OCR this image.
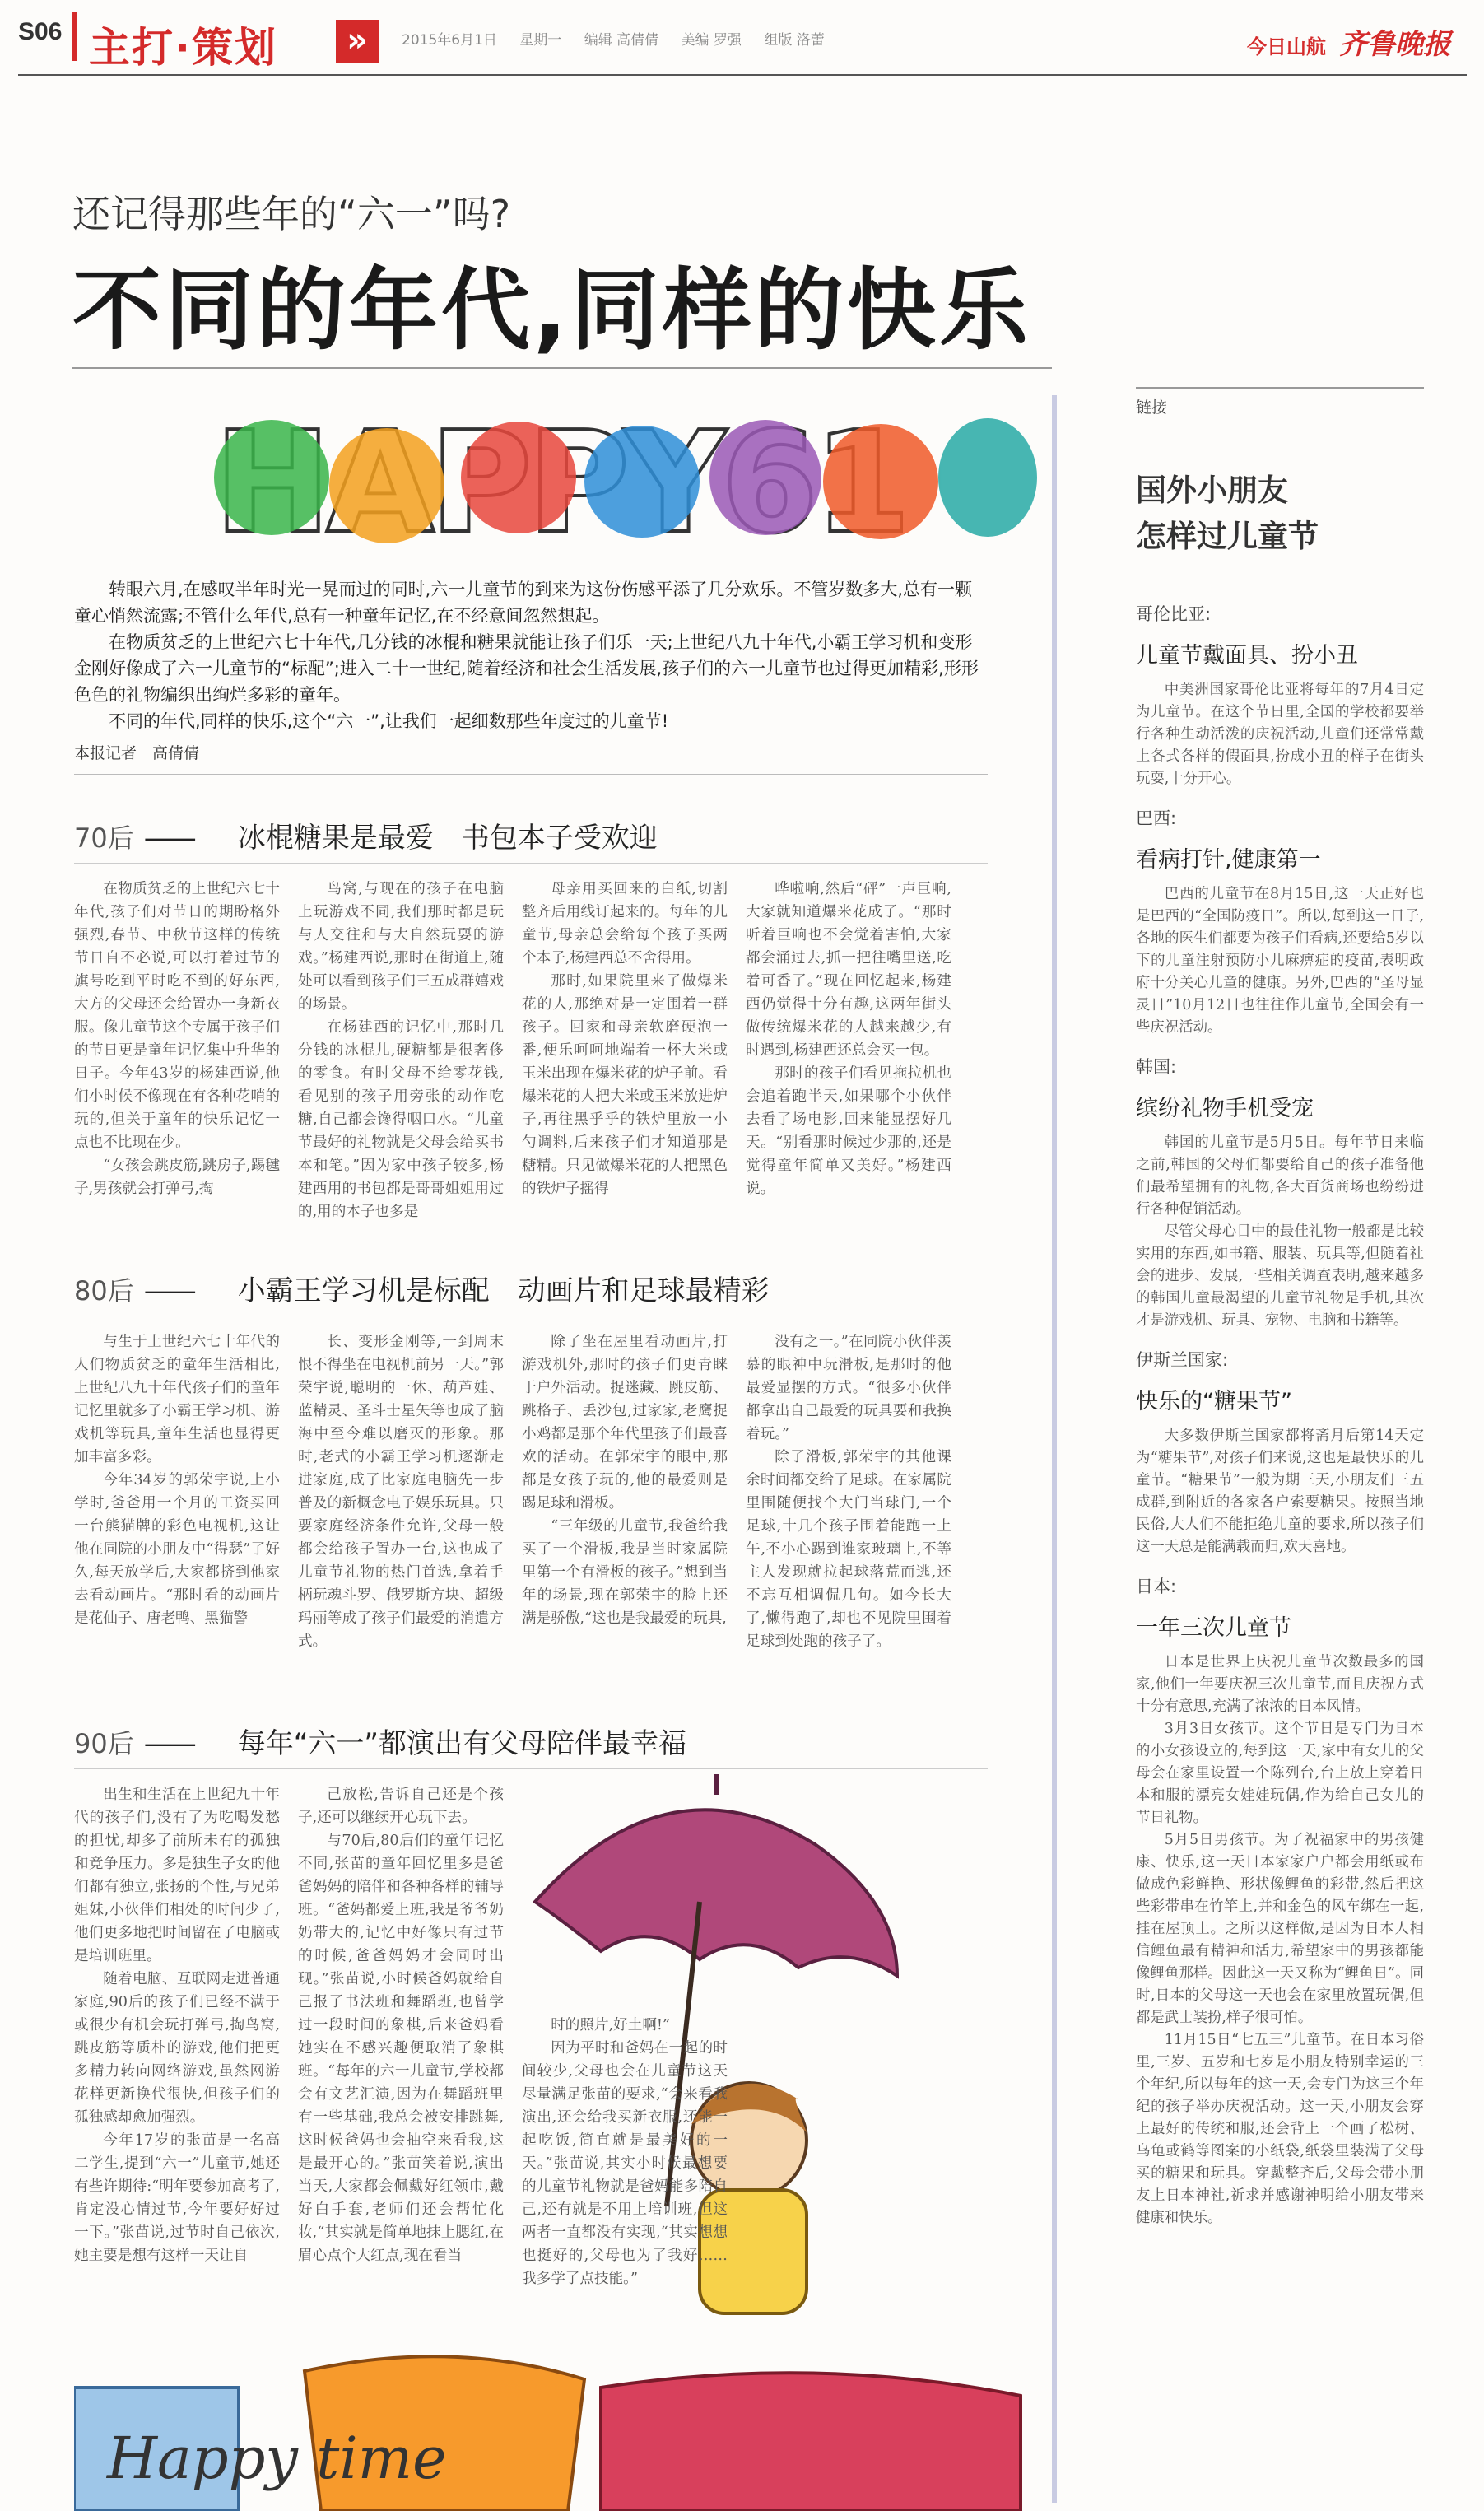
S06 主打·策划	»	2015年6月1日 星期一 编辑 高倩倩 美编 罗强 组版 洛蕾	今日山航 齐鲁晚报
还记得那些年的“六一”吗?
不同的年代,同样的快乐

转眼六月,在感叹半年时光一晃而过的同时,六一儿童节的到来为这份伤感平添了几分欢乐。不管岁数多大,总有一颗童心悄然流露;不管什么年代,总有一种童年记忆,在不经意间忽然想起。

在物质贫乏的上世纪六七十年代,几分钱的冰棍和糖果就能让孩子们乐一天;上世纪八九十年代,小霸王学习机和变形金刚好像成了六一儿童节的“标配”;进入二十一世纪,随着经济和社会生活发展,孩子们的六一儿童节也过得更加精彩,形形色色的礼物编织出绚烂多彩的童年。

不同的年代,同样的快乐,这个“六一”,让我们一起细数那些年度过的儿童节!

本报记者　高倩倩
70后 —— 冰棍糖果是最爱　书包本子受欢迎

在物质贫乏的上世纪六七十年代,孩子们对节日的期盼格外强烈,春节、中秋节这样的传统节日自不必说,可以打着过节的旗号吃到平时吃不到的好东西,大方的父母还会给置办一身新衣服。像儿童节这个专属于孩子们的节日更是童年记忆集中升华的日子。今年43岁的杨建西说,他们小时候不像现在有各种花哨的玩的,但关于童年的快乐记忆一点也不比现在少。

“女孩会跳皮筋,跳房子,踢毽子,男孩就会打弹弓,掏

鸟窝,与现在的孩子在电脑上玩游戏不同,我们那时都是玩与人交往和与大自然玩耍的游戏。”杨建西说,那时在街道上,随处可以看到孩子们三五成群嬉戏的场景。

在杨建西的记忆中,那时几分钱的冰棍儿,硬糖都是很奢侈的零食。有时父母不给零花钱,看见别的孩子用旁张的动作吃糖,自己都会馋得咽口水。“儿童节最好的礼物就是父母会给买书本和笔。”因为家中孩子较多,杨建西用的书包都是哥哥姐姐用过的,用的本子也多是

母亲用买回来的白纸,切割整齐后用线订起来的。每年的儿童节,母亲总会给每个孩子买两个本子,杨建西总不舍得用。

那时,如果院里来了做爆米花的人,那绝对是一定围着一群孩子。回家和母亲软磨硬泡一番,便乐呵呵地端着一杯大米或玉米出现在爆米花的炉子前。看爆米花的人把大米或玉米放进炉子,再往黑乎乎的铁炉里放一小勺调料,后来孩子们才知道那是糖精。只见做爆米花的人把黑色的铁炉子摇得

哗啦响,然后“砰”一声巨响,大家就知道爆米花成了。“那时听着巨响也不会觉着害怕,大家都会涌过去,抓一把往嘴里送,吃着可香了。”现在回忆起来,杨建西仍觉得十分有趣,这两年街头做传统爆米花的人越来越少,有时遇到,杨建西还总会买一包。

那时的孩子们看见拖拉机也会追着跑半天,如果哪个小伙伴去看了场电影,回来能显摆好几天。“别看那时候过少那的,还是觉得童年简单又美好。”杨建西说。

80后 —— 小霸王学习机是标配　动画片和足球最精彩

与生于上世纪六七十年代的人们物质贫乏的童年生活相比,上世纪八九十年代孩子们的童年记忆里就多了小霸王学习机、游戏机等玩具,童年生活也显得更加丰富多彩。

今年34岁的郭荣宇说,上小学时,爸爸用一个月的工资买回一台熊猫牌的彩色电视机,这让他在同院的小朋友中“得瑟”了好久,每天放学后,大家都挤到他家去看动画片。“那时看的动画片是花仙子、唐老鸭、黑猫警

长、变形金刚等,一到周末恨不得坐在电视机前另一天。”郭荣宇说,聪明的一休、葫芦娃、蓝精灵、圣斗士星矢等也成了脑海中至今难以磨灭的形象。那时,老式的小霸王学习机逐渐走进家庭,成了比家庭电脑先一步普及的新概念电子娱乐玩具。只要家庭经济条件允许,父母一般都会给孩子置办一台,这也成了儿童节礼物的热门首选,拿着手柄玩魂斗罗、俄罗斯方块、超级玛丽等成了孩子们最爱的消遣方式。

除了坐在屋里看动画片,打游戏机外,那时的孩子们更青睐于户外活动。捉迷藏、跳皮筋、跳格子、丢沙包,过家家,老鹰捉小鸡都是那个年代里孩子们最喜欢的活动。在郭荣宇的眼中,那都是女孩子玩的,他的最爱则是踢足球和滑板。

“三年级的儿童节,我爸给我买了一个滑板,我是当时家属院里第一个有滑板的孩子。”想到当年的场景,现在郭荣宇的脸上还满是骄傲,“这也是我最爱的玩具,

没有之一。”在同院小伙伴羡慕的眼神中玩滑板,是那时的他最爱显摆的方式。“很多小伙伴都拿出自己最爱的玩具要和我换着玩。”

除了滑板,郭荣宇的其他课余时间都交给了足球。在家属院里围随便找个大门当球门,一个足球,十几个孩子围着能跑一上午,不小心踢到谁家玻璃上,不等主人发现就拉起球落荒而逃,还不忘互相调侃几句。如今长大了,懒得跑了,却也不见院里围着足球到处跑的孩子了。

90后 —— 每年“六一”都演出有父母陪伴最幸福
Happy time

出生和生活在上世纪九十年代的孩子们,没有了为吃喝发愁的担忧,却多了前所未有的孤独和竞争压力。多是独生子女的他们都有独立,张扬的个性,与兄弟姐妹,小伙伴们相处的时间少了,他们更多地把时间留在了电脑或是培训班里。

随着电脑、互联网走进普通家庭,90后的孩子们已经不满于或很少有机会玩打弹弓,掏鸟窝,跳皮筋等质朴的游戏,他们把更多精力转向网络游戏,虽然网游花样更新换代很快,但孩子们的孤独感却愈加强烈。

今年17岁的张苗是一名高二学生,提到“六一”儿童节,她还有些许期待:“明年要参加高考了,肯定没心情过节,今年要好好过一下。”张苗说,过节时自己依次,她主要是想有这样一天让自

己放松,告诉自己还是个孩子,还可以继续开心玩下去。

与70后,80后们的童年记忆不同,张苗的童年回忆里多是爸爸妈妈的陪伴和各种各样的辅导班。“爸妈都爱上班,我是爷爷奶奶带大的,记忆中好像只有过节的时候,爸爸妈妈才会同时出现。”张苗说,小时候爸妈就给自己报了书法班和舞蹈班,也曾学过一段时间的象棋,后来爸妈看她实在不感兴趣便取消了象棋班。“每年的六一儿童节,学校都会有文艺汇演,因为在舞蹈班里有一些基础,我总会被安排跳舞,这时候爸妈也会抽空来看我,这是最开心的。”张苗笑着说,演出当天,大家都会佩戴好红领巾,戴好白手套,老师们还会帮忙化妆,“其实就是简单地抹上腮红,在眉心点个大红点,现在看当

时的照片,好土啊!”

因为平时和爸妈在一起的时间较少,父母也会在儿童节这天尽量满足张苗的要求,“会来看我演出,还会给我买新衣服,还能一起吃饭,简直就是最美好的一天。”张苗说,其实小时候最想要的儿童节礼物就是爸妈能多陪自己,还有就是不用上培训班,但这两者一直都没有实现,“其实想想也挺好的,父母也为了我好……我多学了点技能。”

链接
国外小朋友
怎样过儿童节
哥伦比亚:
儿童节戴面具、扮小丑

中美洲国家哥伦比亚将每年的7月4日定为儿童节。在这个节日里,全国的学校都要举行各种生动活泼的庆祝活动,儿童们还常常戴上各式各样的假面具,扮成小丑的样子在街头玩耍,十分开心。

巴西:
看病打针,健康第一

巴西的儿童节在8月15日,这一天正好也是巴西的“全国防疫日”。所以,每到这一日子,各地的医生们都要为孩子们看病,还要给5岁以下的儿童注射预防小儿麻痹症的疫苗,表明政府十分关心儿童的健康。另外,巴西的“圣母显灵日”10月12日也往往作儿童节,全国会有一些庆祝活动。

韩国:
缤纷礼物手机受宠

韩国的儿童节是5月5日。每年节日来临之前,韩国的父母们都要给自己的孩子准备他们最希望拥有的礼物,各大百货商场也纷纷进行各种促销活动。

尽管父母心目中的最佳礼物一般都是比较实用的东西,如书籍、服装、玩具等,但随着社会的进步、发展,一些相关调查表明,越来越多的韩国儿童最渴望的儿童节礼物是手机,其次才是游戏机、玩具、宠物、电脑和书籍等。

伊斯兰国家:
快乐的“糖果节”

大多数伊斯兰国家都将斋月后第14天定为“糖果节”,对孩子们来说,这也是最快乐的儿童节。“糖果节”一般为期三天,小朋友们三五成群,到附近的各家各户索要糖果。按照当地民俗,大人们不能拒绝儿童的要求,所以孩子们这一天总是能满载而归,欢天喜地。

日本:
一年三次儿童节

日本是世界上庆祝儿童节次数最多的国家,他们一年要庆祝三次儿童节,而且庆祝方式十分有意思,充满了浓浓的日本风情。

3月3日女孩节。这个节日是专门为日本的小女孩设立的,每到这一天,家中有女儿的父母会在家里设置一个陈列台,台上放上穿着日本和服的漂亮女娃娃玩偶,作为给自己女儿的节日礼物。

5月5日男孩节。为了祝福家中的男孩健康、快乐,这一天日本家家户户都会用纸或布做成色彩鲜艳、形状像鲤鱼的彩带,然后把这些彩带串在竹竿上,并和金色的风车绑在一起,挂在屋顶上。之所以这样做,是因为日本人相信鲤鱼最有精神和活力,希望家中的男孩都能像鲤鱼那样。因此这一天又称为“鲤鱼日”。同时,日本的父母这一天也会在家里放置玩偶,但都是武士装扮,样子很可怕。

11月15日“七五三”儿童节。在日本习俗里,三岁、五岁和七岁是小朋友特别幸运的三个年纪,所以每年的这一天,会专门为这三个年纪的孩子举办庆祝活动。这一天,小朋友会穿上最好的传统和服,还会背上一个画了松树、乌龟或鹤等图案的小纸袋,纸袋里装满了父母买的糖果和玩具。穿戴整齐后,父母会带小朋友上日本神社,祈求并感谢神明给小朋友带来健康和快乐。
